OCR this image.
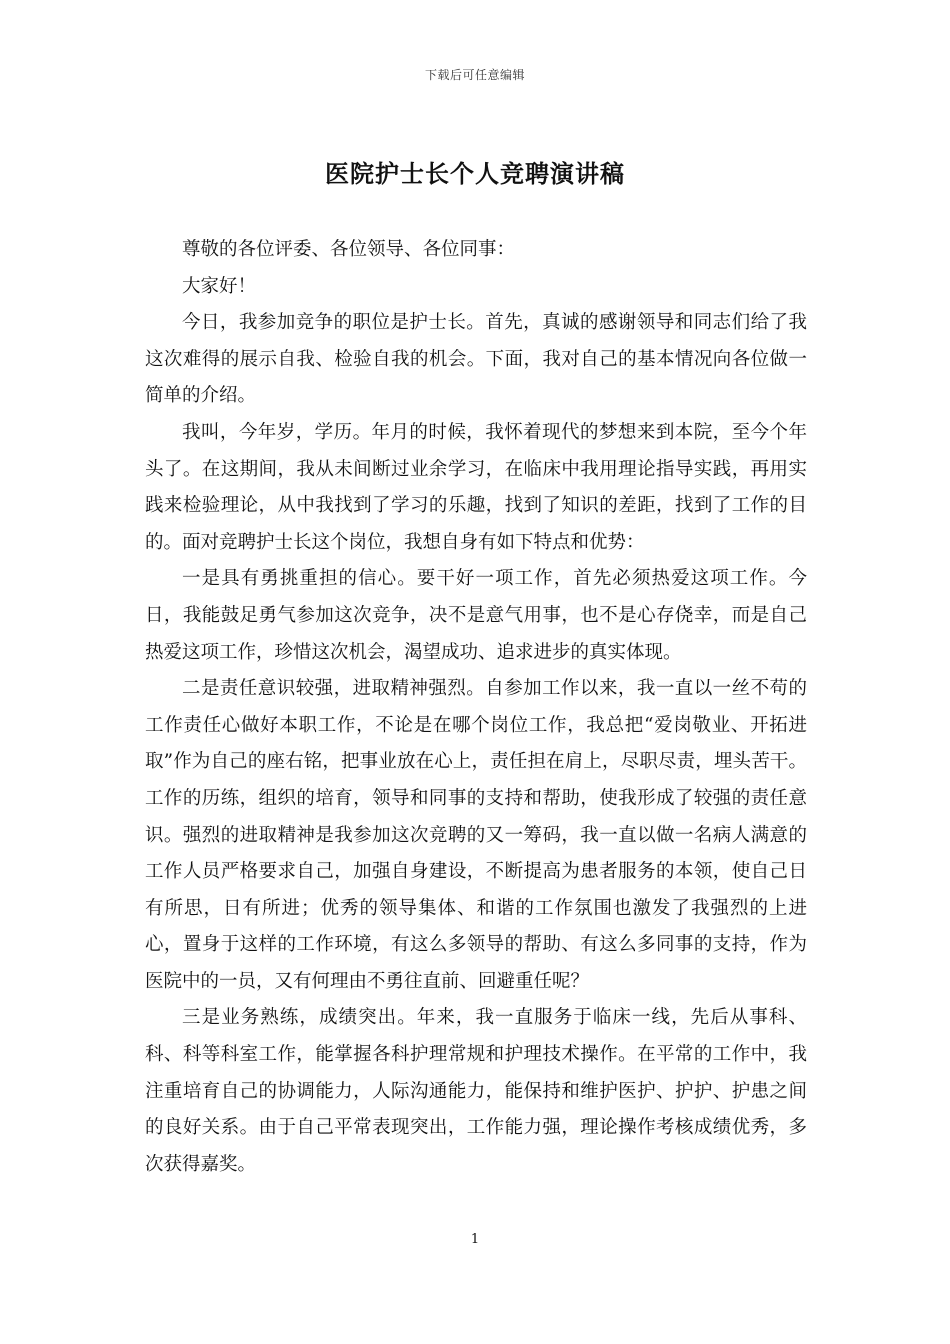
下载后可任意编辑
医院护士长个人竞聘演讲稿

尊敬的各位评委、各位领导、各位同事：

大家好！

今日，我参加竞争的职位是护士长。首先，真诚的感谢领导和同志们给了我这次难得的展示自我、检验自我的机会。下面，我对自己的基本情况向各位做一简单的介绍。

我叫，今年岁，学历。年月的时候，我怀着现代的梦想来到本院，至今个年头了。在这期间，我从未间断过业余学习，在临床中我用理论指导实践，再用实践来检验理论，从中我找到了学习的乐趣，找到了知识的差距，找到了工作的目的。面对竞聘护士长这个岗位，我想自身有如下特点和优势：

一是具有勇挑重担的信心。要干好一项工作，首先必须热爱这项工作。今日，我能鼓足勇气参加这次竞争，决不是意气用事，也不是心存侥幸，而是自己热爱这项工作，珍惜这次机会，渴望成功、追求进步的真实体现。

二是责任意识较强，进取精神强烈。自参加工作以来，我一直以一丝不苟的工作责任心做好本职工作，不论是在哪个岗位工作，我总把“爱岗敬业、开拓进取”作为自己的座右铭，把事业放在心上，责任担在肩上，尽职尽责，埋头苦干。工作的历练，组织的培育，领导和同事的支持和帮助，使我形成了较强的责任意识。强烈的进取精神是我参加这次竞聘的又一筹码，我一直以做一名病人满意的工作人员严格要求自己，加强自身建设，不断提高为患者服务的本领，使自己日有所思，日有所进；优秀的领导集体、和谐的工作氛围也激发了我强烈的上进心，置身于这样的工作环境，有这么多领导的帮助、有这么多同事的支持，作为医院中的一员，又有何理由不勇往直前、回避重任呢？

三是业务熟练，成绩突出。年来，我一直服务于临床一线，先后从事科、科、科等科室工作，能掌握各科护理常规和护理技术操作。在平常的工作中，我注重培育自己的协调能力，人际沟通能力，能保持和维护医护、护护、护患之间的良好关系。由于自己平常表现突出，工作能力强，理论操作考核成绩优秀，多次获得嘉奖。

1
